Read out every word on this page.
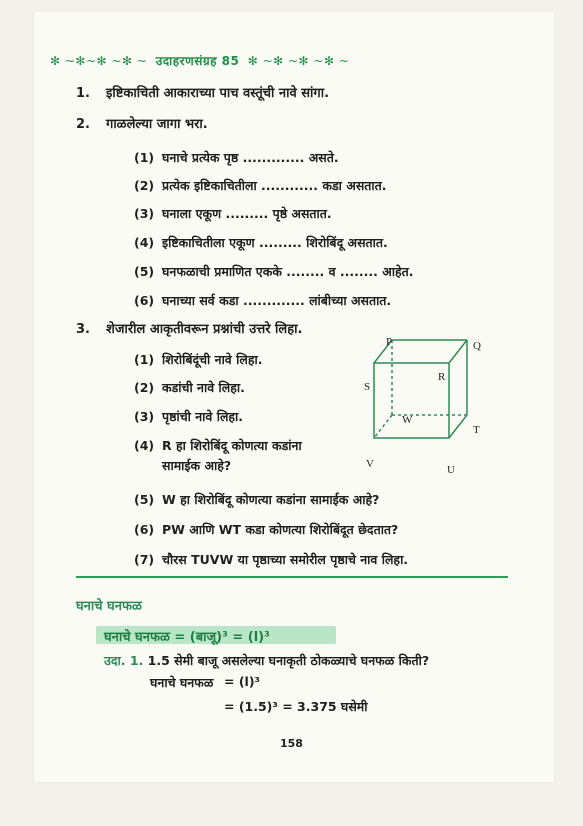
✻ ~✻~✻ ~✻ ~ उदाहरणसंग्रह 85 ✻ ~✻ ~✻ ~✻ ~
1. इष्टिकाचिती आकाराच्या पाच वस्तूंची नावे सांगा.
2. गाळलेल्या जागा भरा.
(1) घनाचे प्रत्येक पृष्ठ ............. असते.
(2) प्रत्येक इष्टिकाचितीला ............ कडा असतात.
(3) घनाला एकूण ......... पृष्ठे असतात.
(4) इष्टिकाचितीला एकूण ......... शिरोबिंदू असतात.
(5) घनफळाची प्रमाणित एकके ........ व ........ आहेत.
(6) घनाच्या सर्व कडा ............. लांबीच्या असतात.
3. शेजारील आकृतीवरून प्रश्नांची उत्तरे लिहा.
(1) शिरोबिंदूंची नावे लिहा.
(2) कडांची नावे लिहा.
(3) पृष्ठांची नावे लिहा.
(4) R हा शिरोबिंदू कोणत्या कडांना
सामाईक आहे?
(5) W हा शिरोबिंदू कोणत्या कडांना सामाईक आहे?
(6) PW आणि WT कडा कोणत्या शिरोबिंदूत छेदतात?
(7) चौरस TUVW या पृष्ठाच्या समोरील पृष्ठाचे नाव लिहा.
P	Q
R
S
W
T
V	U
घनाचे घनफळ
घनाचे घनफळ = (बाजू)³ = (l)³
उदा. 1. 1.5 सेमी बाजू असलेल्या घनाकृती ठोकळ्याचे घनफळ किती?
घनाचे घनफळ = (l)³
= (1.5)³ = 3.375 घसेमी
158
